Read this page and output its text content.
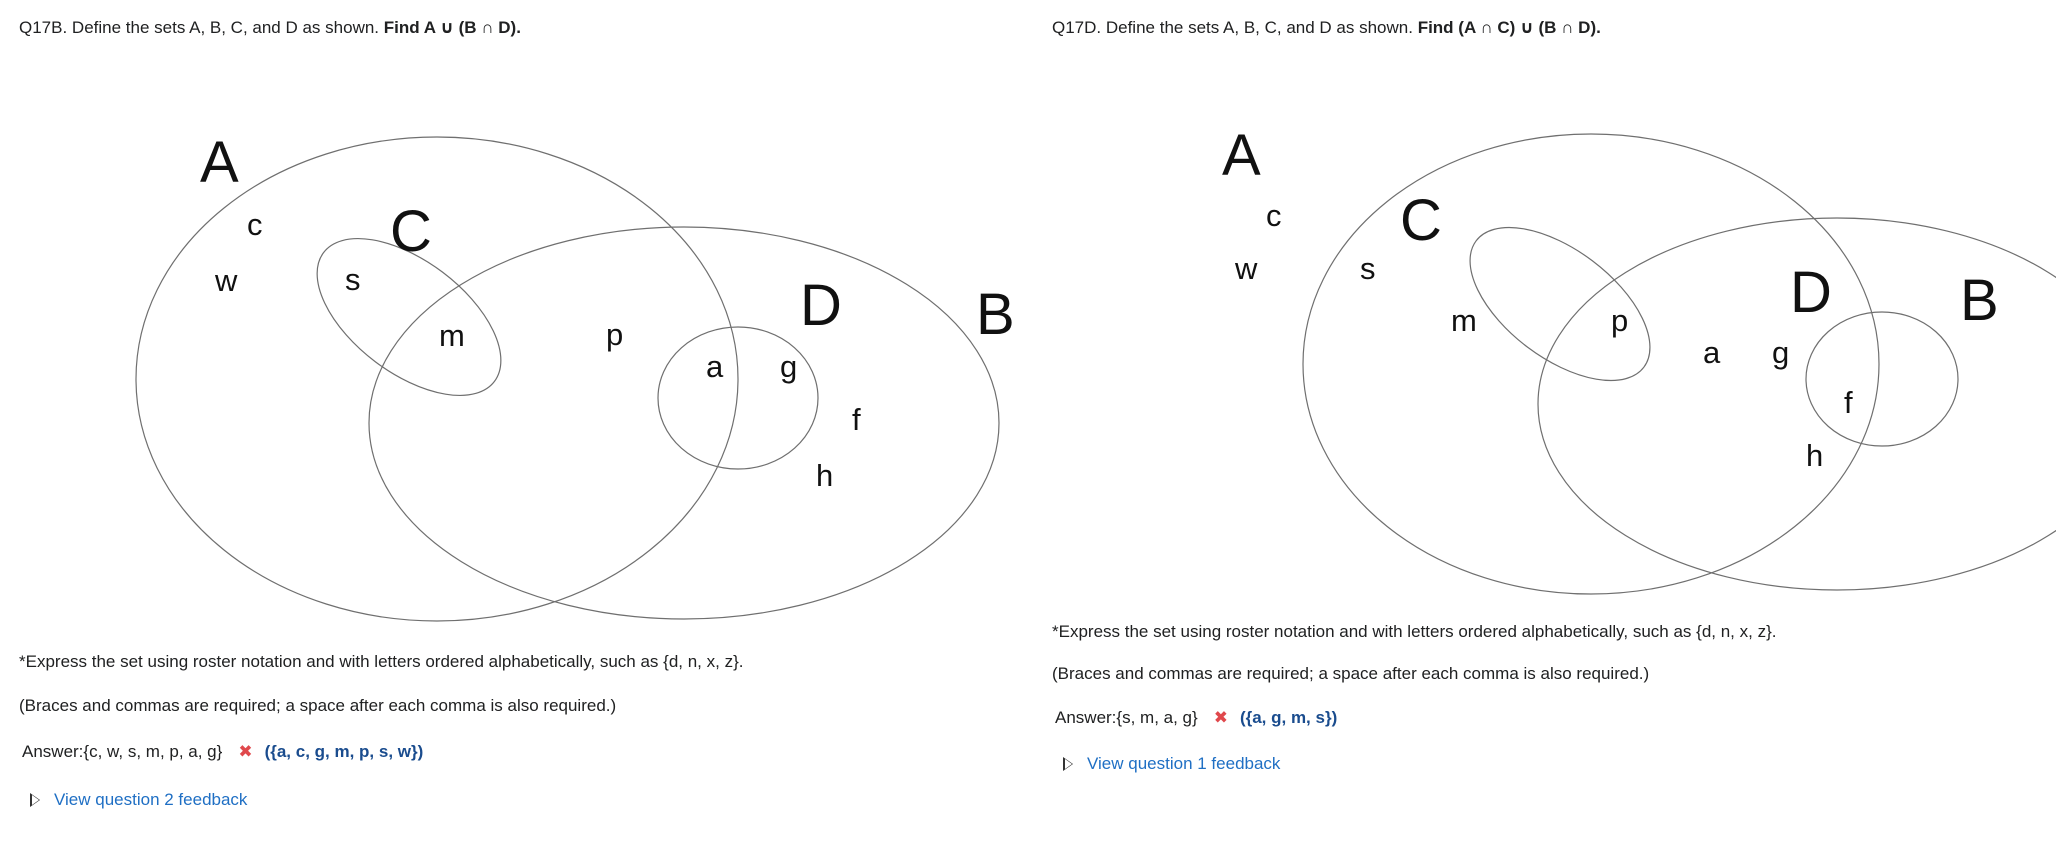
Q17B. Define the sets A, B, C, and D as shown. Find A ∪ (B ∩ D).
A
C
D B
c
w	s
m	p
a g
f
h
*Express the set using roster notation and with letters ordered alphabetically, such as {d, n, x, z}.
(Braces and commas are required; a space after each comma is also required.)
Answer: {c, w, s, m, p, a, g} ✖ ({a, c, g, m, p, s, w})
View question 2 feedback
Q17D. Define the sets A, B, C, and D as shown. Find (A ∩ C) ∪ (B ∩ D).
A
C
D B
c
w	s
m	p
a g
f
h
*Express the set using roster notation and with letters ordered alphabetically, such as {d, n, x, z}.
(Braces and commas are required; a space after each comma is also required.)
Answer: {s, m, a, g} ✖ ({a, g, m, s})
View question 1 feedback
